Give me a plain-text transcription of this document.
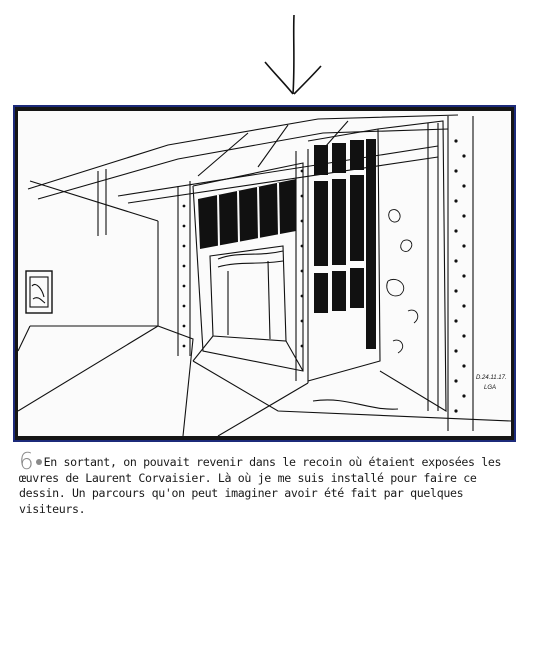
D.24.11.17.
LGA
6 En sortant, on pouvait revenir dans le recoin où étaient exposées les œuvres de Laurent Corvaisier. Là où je me suis installé pour faire ce dessin. Un parcours qu'on peut imaginer avoir été fait par quelques visiteurs.
